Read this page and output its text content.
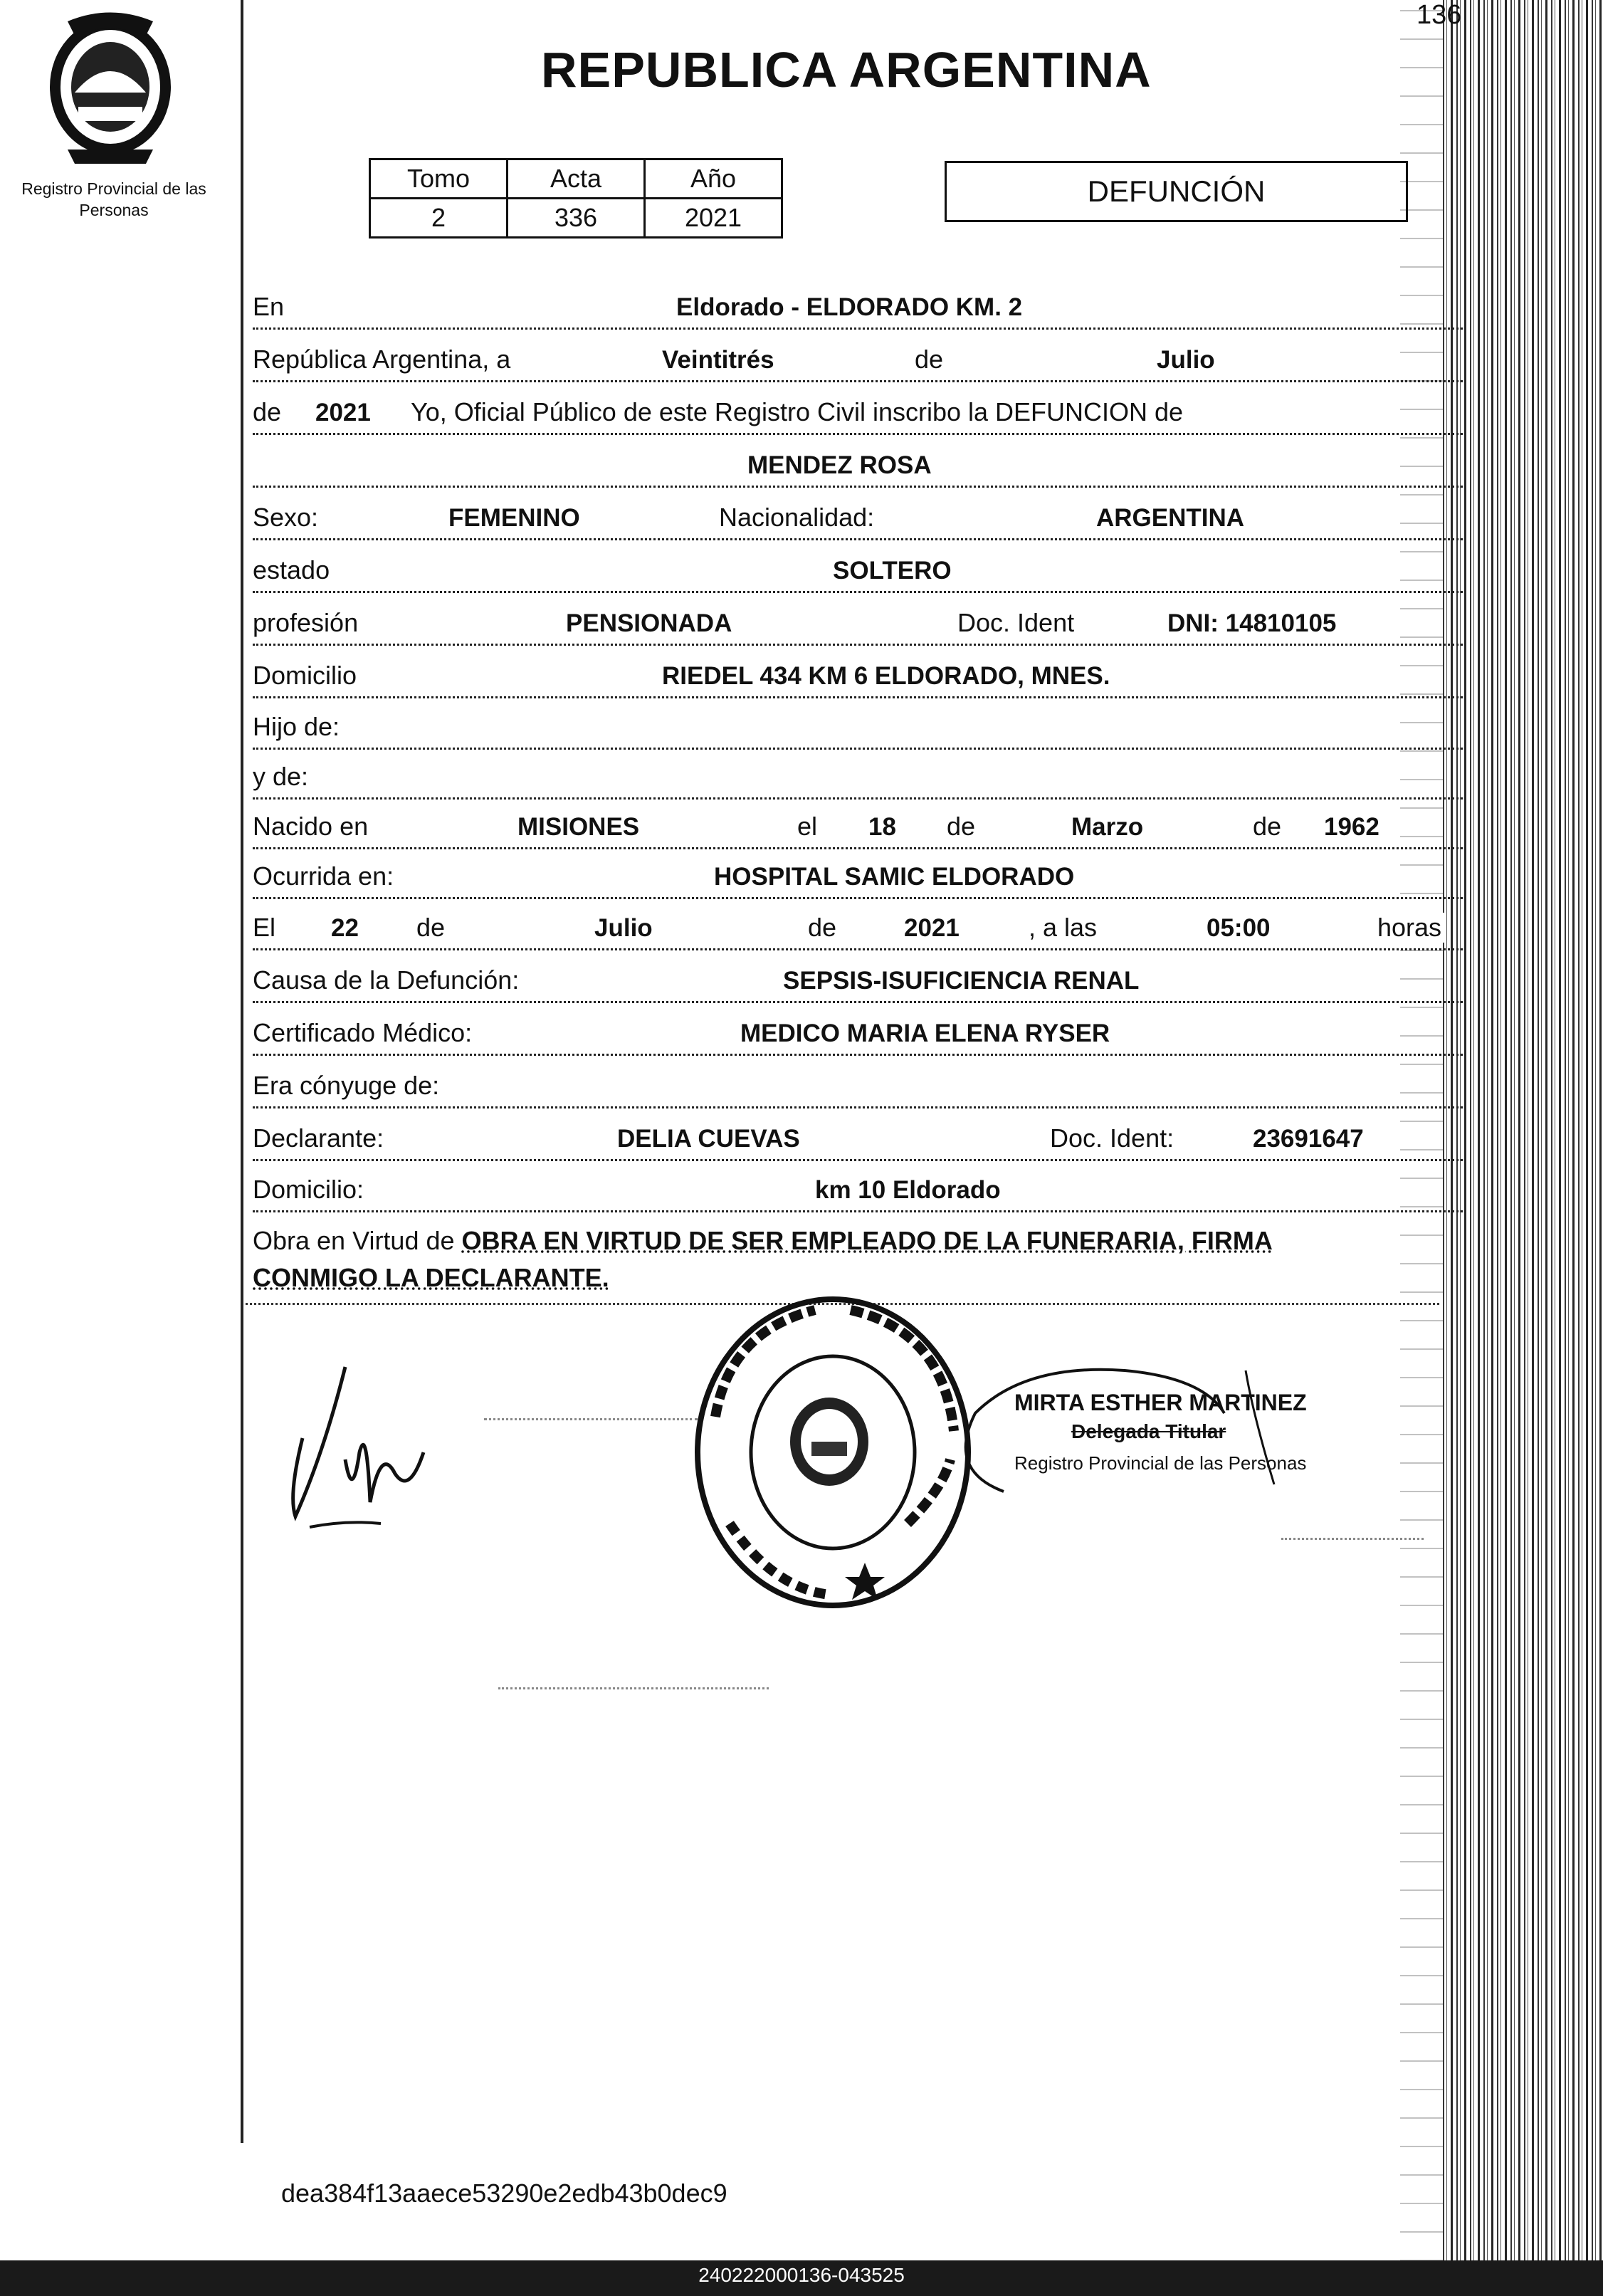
136
Registro Provincial de las Personas
REPUBLICA ARGENTINA
Tomo	Acta	Año
2	336	2021
DEFUNCIÓN
En	Eldorado - ELDORADO KM. 2
República Argentina, a	Veintitrés	de	Julio
de 2021 Yo, Oficial Público de este Registro Civil inscribo la DEFUNCION de
MENDEZ ROSA
Sexo:	FEMENINO	Nacionalidad:	ARGENTINA
estado	SOLTERO
profesión	PENSIONADA	Doc. Ident	DNI: 14810105
Domicilio	RIEDEL 434 KM 6 ELDORADO, MNES.
Hijo de:
y de:
Nacido en	MISIONES	el 18 de	Marzo	de 1962
Ocurrida en:	HOSPITAL SAMIC ELDORADO
El 22 de	Julio	de	2021	, a las	05:00	horas
Causa de la Defunción:	SEPSIS-ISUFICIENCIA RENAL
Certificado Médico:	MEDICO MARIA ELENA RYSER
Era cónyuge de:
Declarante:	DELIA CUEVAS	Doc. Ident:	23691647
Domicilio:	km 10 Eldorado
Obra en Virtud de OBRA EN VIRTUD DE SER EMPLEADO DE LA FUNERARIA, FIRMA
CONMIGO LA DECLARANTE.
MIRTA ESTHER MARTINEZ
Delegada Titular
Registro Provincial de las Personas
dea384f13aaece53290e2edb43b0dec9
240222000136-043525
